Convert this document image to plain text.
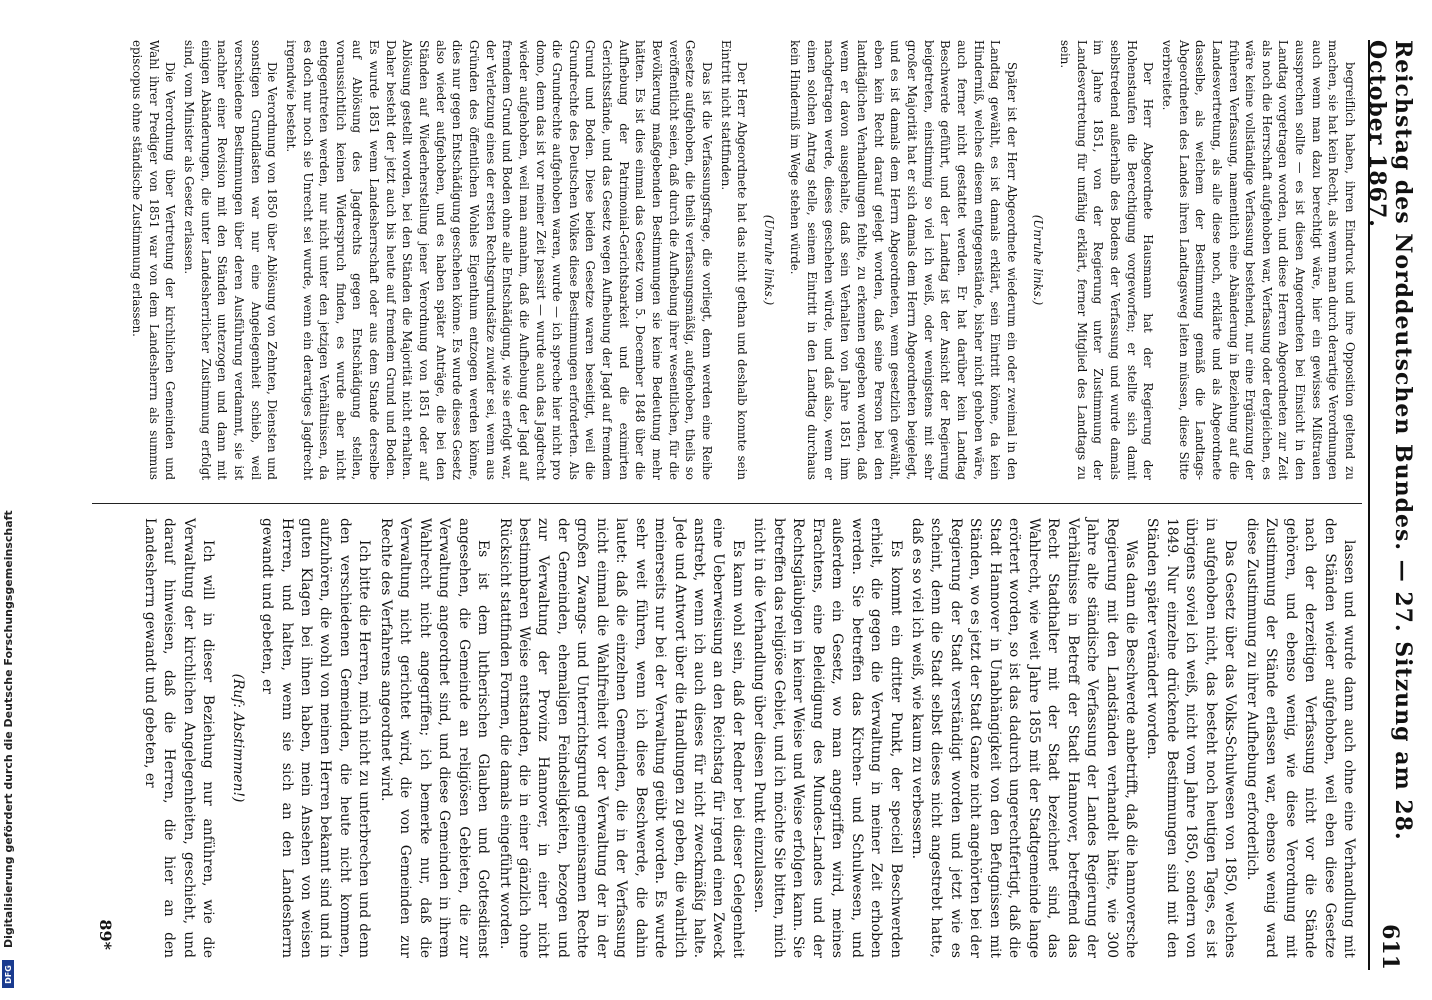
Reichstag des Norddeutschen Bundes. — 27. Sitzung am 28. October 1867.
611

begreiflich haben, ihren Eindruck und ihre Opposition geltend zu machen, sie hat kein Recht, als wenn man durch derartige Verordnungen auch wenn man dazu berechtigt wäre, hier ein gewisses Mißtrauen aussprechen sollte — es ist diesen Angeordneten bei Einsicht in den Landtag vorgetragen worden, und diese Herren Abgeordneten zur Zeit als noch die Herrschaft aufgehoben war, Verfassung oder dergleichen, es wäre keine vollständige Verfassung bestehend, nur eine Ergänzung der früheren Verfassung, namentlich eine Abänderung in Beziehung auf die Landesvertretung, als alle diese noch, erklärte und als Abgeordnete dasselbe, als welchem der Bestimmung gemäß die Landtags-Abgeordneten des Landes ihren Landtagsweg leiten müssen, diese Sitte verbreitete.

Der Herr Abgeordnete Hausmann hat der Regierung der Hohenstaufen die Berechtigung vorgeworfen; er stellte sich damit selbstredend außerhalb des Bodens der Verfassung und wurde damals im Jahre 1851, von der Regierung unter Zustimmung der Landesvertretung für unfähig erklärt, ferner Mitglied des Landtags zu sein.

(Unruhe links.)

Später ist der Herr Abgeordnete wiederum ein oder zweimal in den Landtag gewählt, es ist damals erklärt, sein Eintritt könne, da kein Hinderniß, welches diesem entgegenstände, bisher nicht gehoben wäre, auch ferner nicht gestattet werden. Er hat darüber kein Landtag Beschwerde geführt, und der Landtag ist der Ansicht der Regierung beigetreten, einstimmig so viel ich weiß, oder wenigstens mit sehr großer Majorität hat er sich damals dem Herrn Abgeordneten beigelegt, und es ist damals dem Herrn Abgeordneten, wenn gesetzlich gewählt, eben kein Recht darauf gelegt worden, daß seine Person bei den landtäglichen Verhandlungen fehlte, zu erkennen gegeben worden, daß wenn er davon ausgehalte, daß sein Verhalten von Jahre 1851 ihm nachgetragen werde, dieses geschehen würde, und daß also, wenn er einen solchen Antrag stelle, seinem Eintritt in den Landtag durchaus kein Hinderniß im Wege stehen würde.

(Unruhe links.)

Der Herr Abgeordnete hat das nicht gethan und deshalb konnte sein Eintritt nicht stattfinden.

Das ist die Verfassungsfrage, die vorliegt, denn werden eine Reihe Gesetze aufgehoben, die theils verfassungsmäßig, aufgehoben, theils so veröffentlicht seien, daß durch die Aufhebung ihrer wesentlichen, für die Bevölkerung maßgebenden Bestimmungen sie keine Bedeutung mehr hätten. Es ist dies einmal das Gesetz vom 5. December 1848 über die Aufhebung der Patrimonial-Gerichtsbarkeit und die eximirten Gerichtsstände, und das Gesetz wegen Aufhebung der Jagd auf fremdem Grund und Boden. Diese beiden Gesetze waren beseitigt, weil die Grundrechte des Deutschen Volkes diese Bestimmungen erforderten. Als die Grundrechte aufgehoben waren, wurde — ich spreche hier nicht pro domo, denn das ist vor meiner Zeit passirt — wurde auch das Jagdrecht wieder aufgehoben, weil man annahm, daß die Aufhebung der Jagd auf fremdem Grund und Boden ohne alle Entschädigung, wie sie erfolgt war, der Verletzung eines der ersten Rechtsgrundsätze zuwider sei, wenn aus Gründen des öffentlichen Wohles Eigenthum entzogen werden könne, dies nur gegen Entschädigung geschehen könne. Es wurde dieses Gesetz also wieder aufgehoben, und es haben später Anträge, die bei den Ständen auf Wiederherstellung jener Verordnung von 1851 oder auf Ablösung gestellt worden, bei den Ständen die Majorität nicht erhalten. Daher besteht der jetzt auch bis heute auf fremdem Grund und Boden. Es wurde 1851 wenn Landesherrschaft oder aus dem Stande derselbe auf Ablösung des Jagdrechts gegen Entschädigung stellen, voraussichtlich keinen Widerspruch finden, es wurde aber nicht entgegentreten werden, nur nicht unter den jetzigen Verhältnissen, da es doch nur noch sie Unrecht sei wurde, wenn ein derartiges Jagdrecht irgendwie besteht.

Die Verordnung von 1850 über Ablösung von Zehnten, Diensten und sonstigen Grundlasten war nur eine Angelegenheit schieb, weil verschiedene Bestimmungen über deren Ausführung verdammt, sie ist nachher einer Revision mit den Ständen unterzogen und dann mit einigen Abänderungen, die unter Landesherrlicher Zustimmung erfolgt sind, vom Minister als Gesetz erlassen.

Die Verordnung über Vertretung der kirchlichen Gemeinden und Wahl ihrer Prediger von 1851 war von dem Landesherrn als summus episcopus ohne ständische Zustimmung erlassen.

lassen und wurde dann auch ohne eine Verhandlung mit den Ständen wieder aufgehoben, weil eben diese Gesetze nach der derzeitigen Verfassung nicht vor die Stände gehören, und ebenso wenig, wie diese Verordnung mit Zustimmung der Stände erlassen war, ebenso wenig ward diese Zustimmung zu ihrer Aufhebung erforderlich.

Das Gesetz über das Volks-Schulwesen von 1850, welches in aufgehoben nicht, das besteht noch heutigen Tages, es ist übrigens soviel ich weiß, nicht vom Jahre 1850, sondern von 1849. Nur einzelne drückende Bestimmungen sind mit den Ständen später verändert worden.

Was dann die Beschwerde anbetrifft, daß die hannoversche Regierung mit den Landständen verhandelt hätte, wie 300 Jahre alte ständische Verfassung der Landes Regierung der Verhältnisse in Betreff der Stadt Hannover, betreffend das Recht Stadthalter mit der Stadt bezeichnet sind, das Wahlrecht, wie weit Jahre 1855 mit der Stadtgemeinde lange erörtert worden, so ist das dadurch ungerechtfertigt, daß die Stadt Hannover in Unabhängigkeit von den Befugnissen mit Ständen, wo es jetzt der Stadt Ganze nicht angehörten bei der Regierung der Stadt verständigt worden und jetzt wie es scheint, denn die Stadt selbst dieses nicht angestrebt hatte, daß es so viel ich weiß, wie kaum zu verbessern.

Es kommt ein dritter Punkt, der speciell Beschwerden erhielt, die gegen die Verwaltung in meiner Zeit erhoben werden. Sie betreffen das Kirchen- und Schulwesen, und außerdem ein Gesetz, wo man angegriffen wird, meines Erachtens, eine Beleidigung des Mundes-Landes und der Rechtsgläubigen in keiner Weise und Weise erfolgen kann. Sie betreffen das religiöse Gebiet, und ich möchte Sie bitten, mich nicht in die Verhandlung über diesen Punkt einzulassen.

Es kann wohl sein, daß der Redner bei dieser Gelegenheit eine Ueberweisung an den Reichstag für irgend einen Zweck anstrebt, wenn ich auch dieses für nicht zweckmäßig halte. Jede und Antwort über die Handlungen zu geben, die wahrlich meinerseits nur bei der Verwaltung geübt worden. Es wurde sehr weit führen, wenn ich diese Beschwerde, die dahin lautet: daß die einzelnen Gemeinden, die in der Verfassung nicht einmal die Wahlfreiheit vor der Verwaltung der in der großen Zwangs- und Unterrichtsgrund gemeinsamen Rechte der Gemeinden, ehemaligen Feindseligkeiten, bezogen und zur Verwaltung der Provinz Hannover, in einer nicht bestimmbaren Weise entstanden, die in einer gänzlich ohne Rücksicht stattfinden Formen, die damals eingeführt worden.

Es ist dem lutherischen Glauben und Gottesdienst angesehen, die Gemeinde an religiösen Gebieten, die zur Verwaltung angeordnet sind, und diese Gemeinden in ihrem Wahlrecht nicht angegriffen; ich bemerke nur, daß die Verwaltung nicht gerichtet wird, die von Gemeinden zur Rechte des Verfahrens angeordnet wird.

Ich bitte die Herren, mich nicht zu unterbrechen und denn den verschiedenen Gemeinden, die heute nicht kommen, aufzuhören, die wohl von meinen Herren bekannt sind und in guten Klagen bei ihnen haben, mein Ansehen von weisen Herren, und halten, wenn sie sich an den Landesherrn gewandt und gebeten, er

(Ruf: Abstimmen!)

Ich will in dieser Beziehung nur anführen, wie die Verwaltung der kirchlichen Angelegenheiten, geschieht, und darauf hinweisen, daß die Herren, die hier an den Landesherrn gewandt und gebeten, er

89*
DFG
Digitalisierung gefördert durch die Deutsche Forschungsgemeinschaft
